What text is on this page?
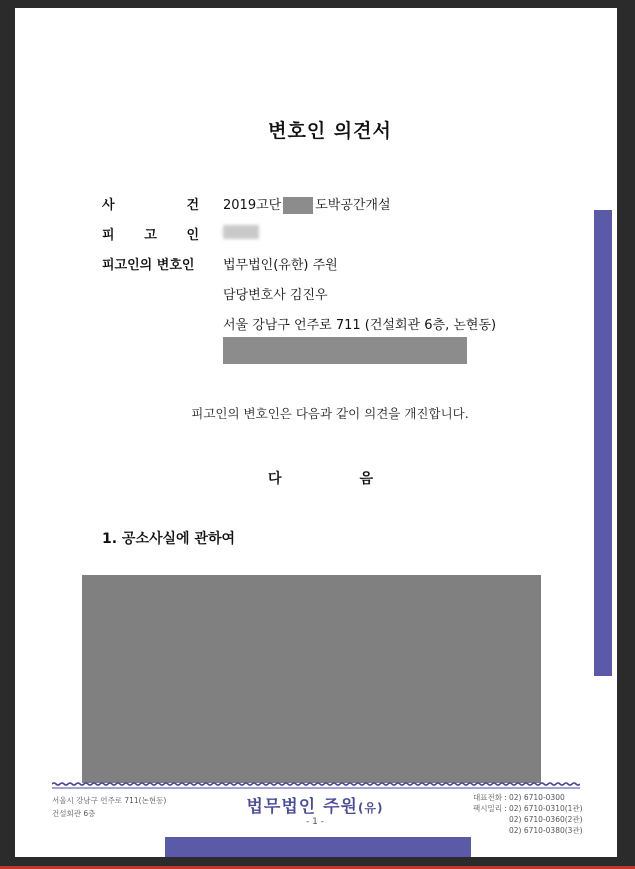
변호인 의견서
사	건 2019고단	도박공간개설
피 고 인
피고인의 변호인 법무법인(유한) 주원
담당변호사 김진우
서울 강남구 언주로 711 (건설회관 6층, 논현동)
피고인의 변호인은 다음과 같이 의견을 개진합니다.
다	음
1. 공소사실에 관하여
서울시 강남구 언주로 711(논현동)
건설회관 6층	법무법인 주원(유)
- 1 -
대표전화 : 02) 6710-0300
팩시밀리 : 02) 6710-0310(1관)
02) 6710-0360(2관)
02) 6710-0380(3관)
